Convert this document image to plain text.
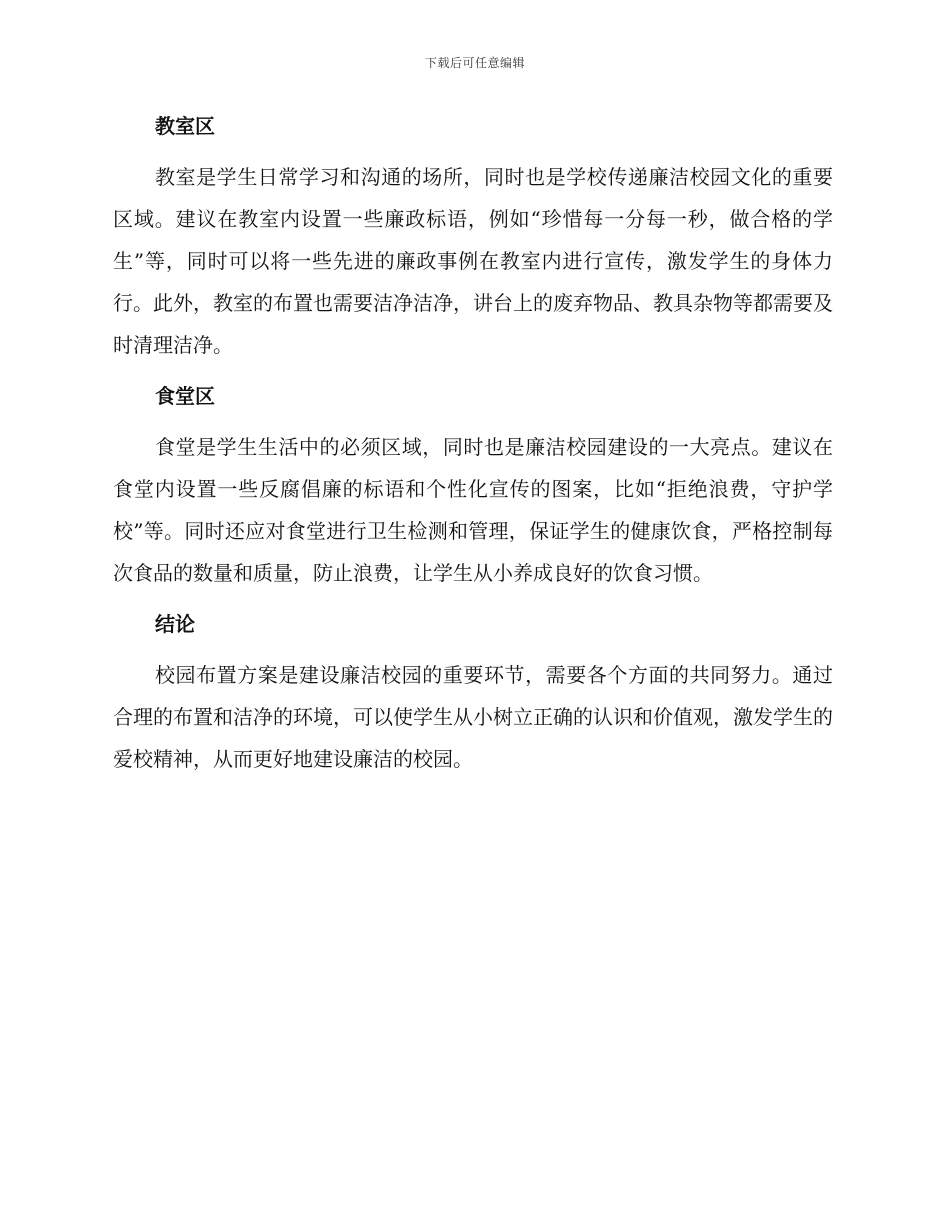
下载后可任意编辑
教室区

教室是学生日常学习和沟通的场所，同时也是学校传递廉洁校园文化的重要区域。建议在教室内设置一些廉政标语，例如“珍惜每一分每一秒，做合格的学生”等，同时可以将一些先进的廉政事例在教室内进行宣传，激发学生的身体力行。此外，教室的布置也需要洁净洁净，讲台上的废弃物品、教具杂物等都需要及时清理洁净。

食堂区

食堂是学生生活中的必须区域，同时也是廉洁校园建设的一大亮点。建议在食堂内设置一些反腐倡廉的标语和个性化宣传的图案，比如“拒绝浪费，守护学校”等。同时还应对食堂进行卫生检测和管理，保证学生的健康饮食，严格控制每次食品的数量和质量，防止浪费，让学生从小养成良好的饮食习惯。

结论

校园布置方案是建设廉洁校园的重要环节，需要各个方面的共同努力。通过合理的布置和洁净的环境，可以使学生从小树立正确的认识和价值观，激发学生的爱校精神，从而更好地建设廉洁的校园。
